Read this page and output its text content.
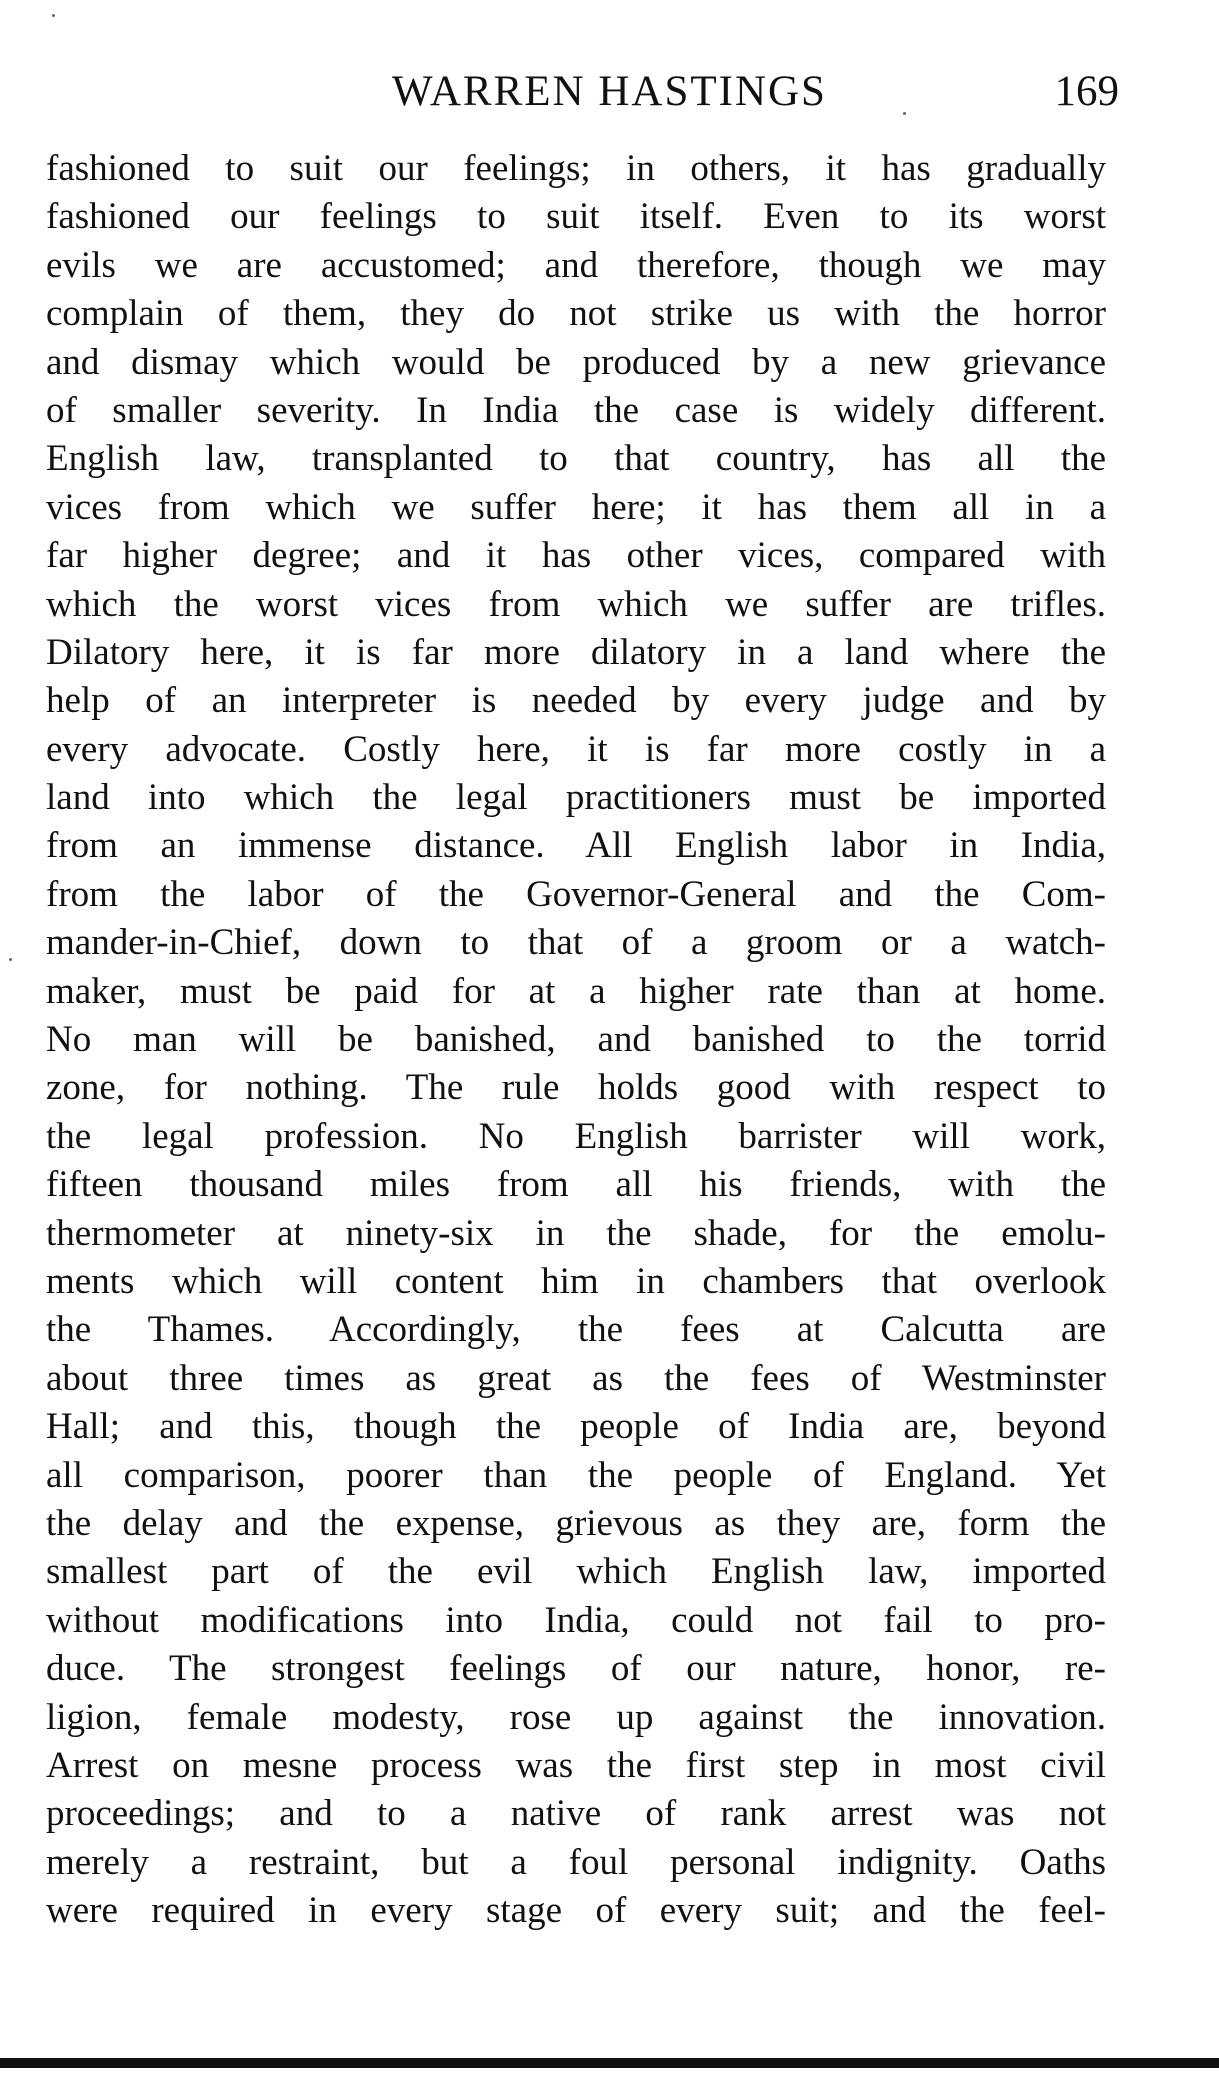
WARREN HASTINGS	169
fashioned to suit our feelings; in others, it has gradually
fashioned our feelings to suit itself. Even to its worst
evils we are accustomed; and therefore, though we may
complain of them, they do not strike us with the horror
and dismay which would be produced by a new grievance
of smaller severity. In India the case is widely different.
English law, transplanted to that country, has all the
vices from which we suffer here; it has them all in a
far higher degree; and it has other vices, compared with
which the worst vices from which we suffer are trifles.
Dilatory here, it is far more dilatory in a land where the
help of an interpreter is needed by every judge and by
every advocate. Costly here, it is far more costly in a
land into which the legal practitioners must be imported
from an immense distance. All English labor in India,
from the labor of the Governor-General and the Com-
mander-in-Chief, down to that of a groom or a watch-
maker, must be paid for at a higher rate than at home.
No man will be banished, and banished to the torrid
zone, for nothing. The rule holds good with respect to
the legal profession. No English barrister will work,
fifteen thousand miles from all his friends, with the
thermometer at ninety-six in the shade, for the emolu-
ments which will content him in chambers that overlook
the Thames. Accordingly, the fees at Calcutta are
about three times as great as the fees of Westminster
Hall; and this, though the people of India are, beyond
all comparison, poorer than the people of England. Yet
the delay and the expense, grievous as they are, form the
smallest part of the evil which English law, imported
without modifications into India, could not fail to pro-
duce. The strongest feelings of our nature, honor, re-
ligion, female modesty, rose up against the innovation.
Arrest on mesne process was the first step in most civil
proceedings; and to a native of rank arrest was not
merely a restraint, but a foul personal indignity. Oaths
were required in every stage of every suit; and the feel-
